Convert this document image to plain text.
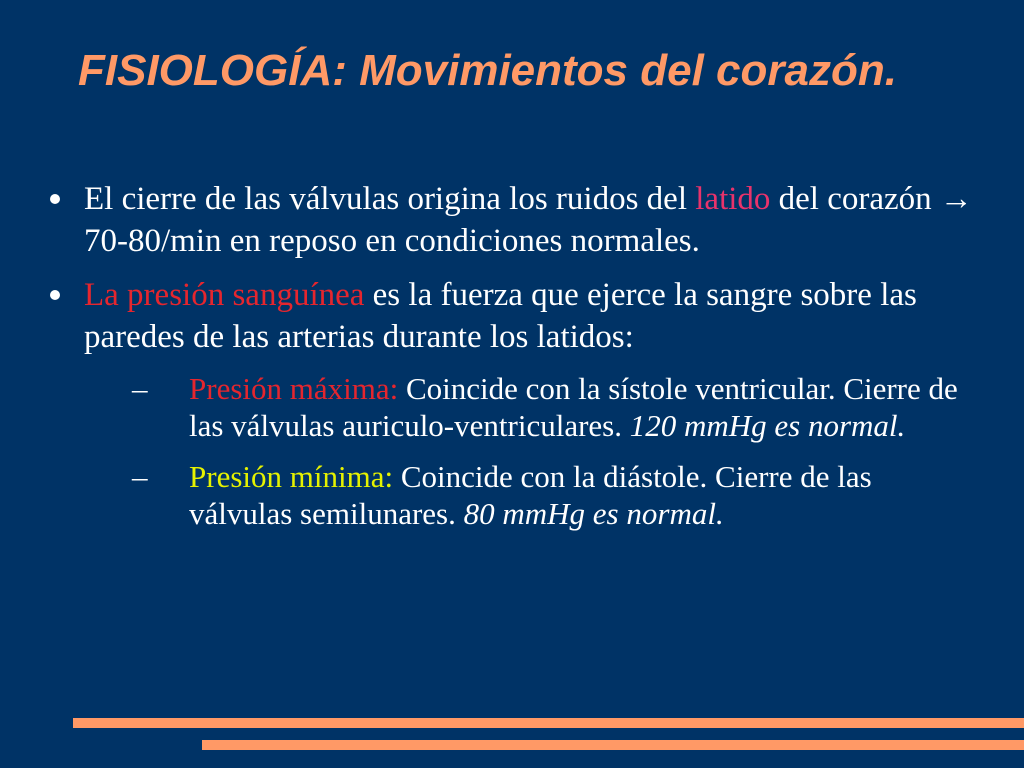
FISIOLOGÍA: Movimientos del corazón.
El cierre de las válvulas origina los ruidos del latido del corazón → 70-80/min en reposo en condiciones normales.
La presión sanguínea es la fuerza que ejerce la sangre sobre las paredes de las arterias durante los latidos:
– Presión máxima: Coincide con la sístole ventricular. Cierre de las válvulas auriculo-ventriculares. 120 mmHg es normal.
– Presión mínima: Coincide con la diástole. Cierre de las válvulas semilunares. 80 mmHg es normal.
